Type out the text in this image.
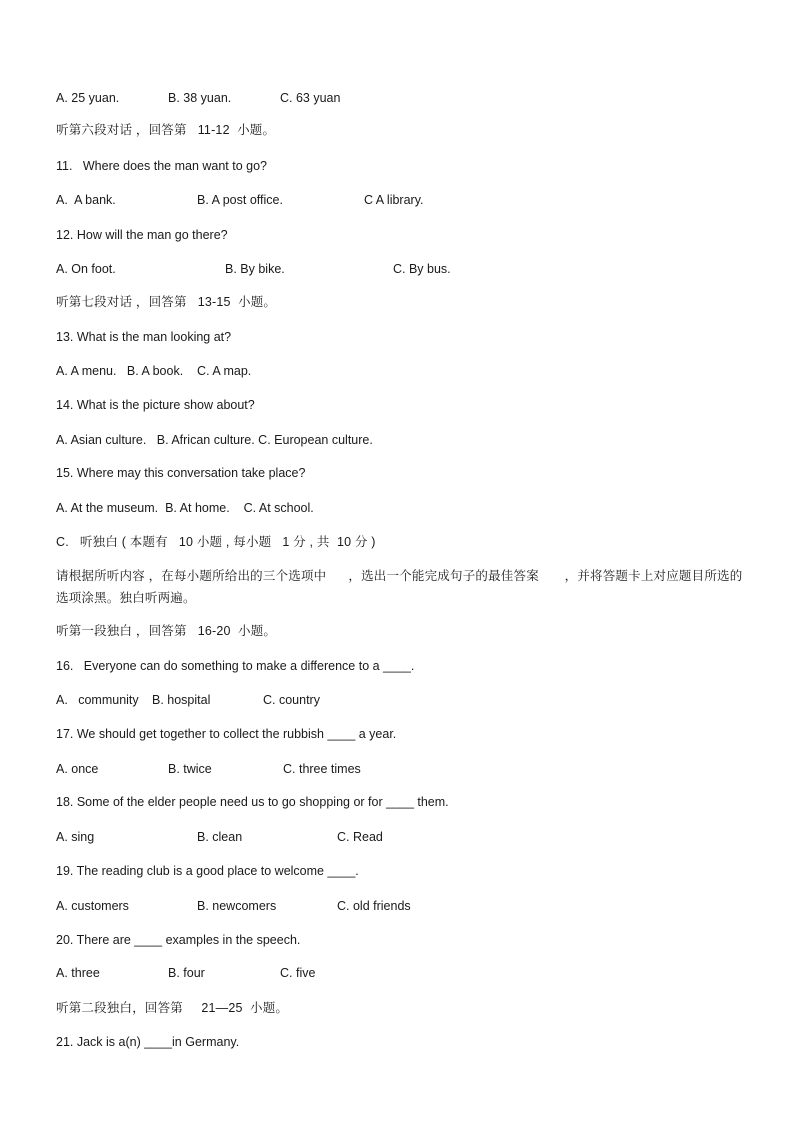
A. 25 yuan.	B. 38 yuan.	C. 63 yuan
听第六段对话 ，回答第   11-12  小题。
11.   Where does the man want to go?
A.  A bank.	B. A post office.	C A library.
12. How will the man go there?
A. On foot.	B. By bike.	C. By bus.
听第七段对话 ，回答第   13-15  小题。
13. What is the man looking at?
A. A menu.   B. A book.    C. A map.
14. What is the picture show about?
A. Asian culture.   B. African culture. C. European culture.
15. Where may this conversation take place?
A. At the museum.  B. At home.    C. At school.
C.   听独白 ( 本题有   10 小题 , 每小题   1 分 , 共  10 分 )
请根据所听内容 ，在每小题所给出的三个选项中      ，选出一个能完成句子的最佳答案       ，并将答题卡上对应题目所选的
选项涂黑。独白听两遍。
听第一段独白 ，回答第   16-20  小题。
16.   Everyone can do something to make a difference to a ____.
A.   community B. hospital	C. country
17. We should get together to collect the rubbish ____ a year.
A. once	B. twice	C. three times
18. Some of the elder people need us to go shopping or for ____ them.
A. sing	B. clean	C. Read
19. The reading club is a good place to welcome ____.
A. customers	B. newcomers	C. old friends
20. There are ____ examples in the speech.
A. three	B. four	C. five
听第二段独白，回答第     21—25  小题。
21. Jack is a(n) ____in Germany.
